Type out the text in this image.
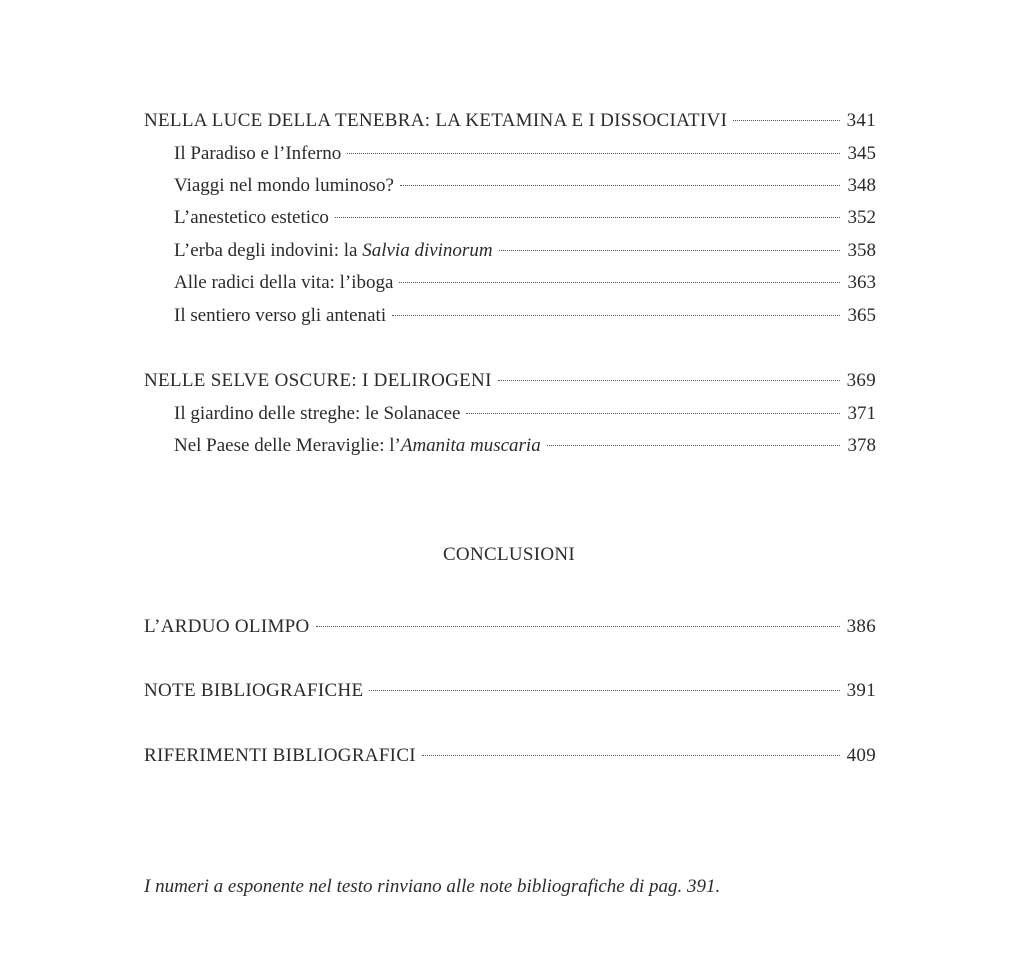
NELLA LUCE DELLA TENEBRA: LA KETAMINA E I DISSOCIATIVI	341
Il Paradiso e l’Inferno	345
Viaggi nel mondo luminoso?	348
L’anestetico estetico	352
L’erba degli indovini: la Salvia divinorum	358
Alle radici della vita: l’iboga	363
Il sentiero verso gli antenati	365
NELLE SELVE OSCURE: I DELIROGENI	369
Il giardino delle streghe: le Solanacee	371
Nel Paese delle Meraviglie: l’Amanita muscaria	378
CONCLUSIONI
L’ARDUO OLIMPO	386
NOTE BIBLIOGRAFICHE	391
RIFERIMENTI BIBLIOGRAFICI	409
I numeri a esponente nel testo rinviano alle note bibliografiche di pag. 391.
